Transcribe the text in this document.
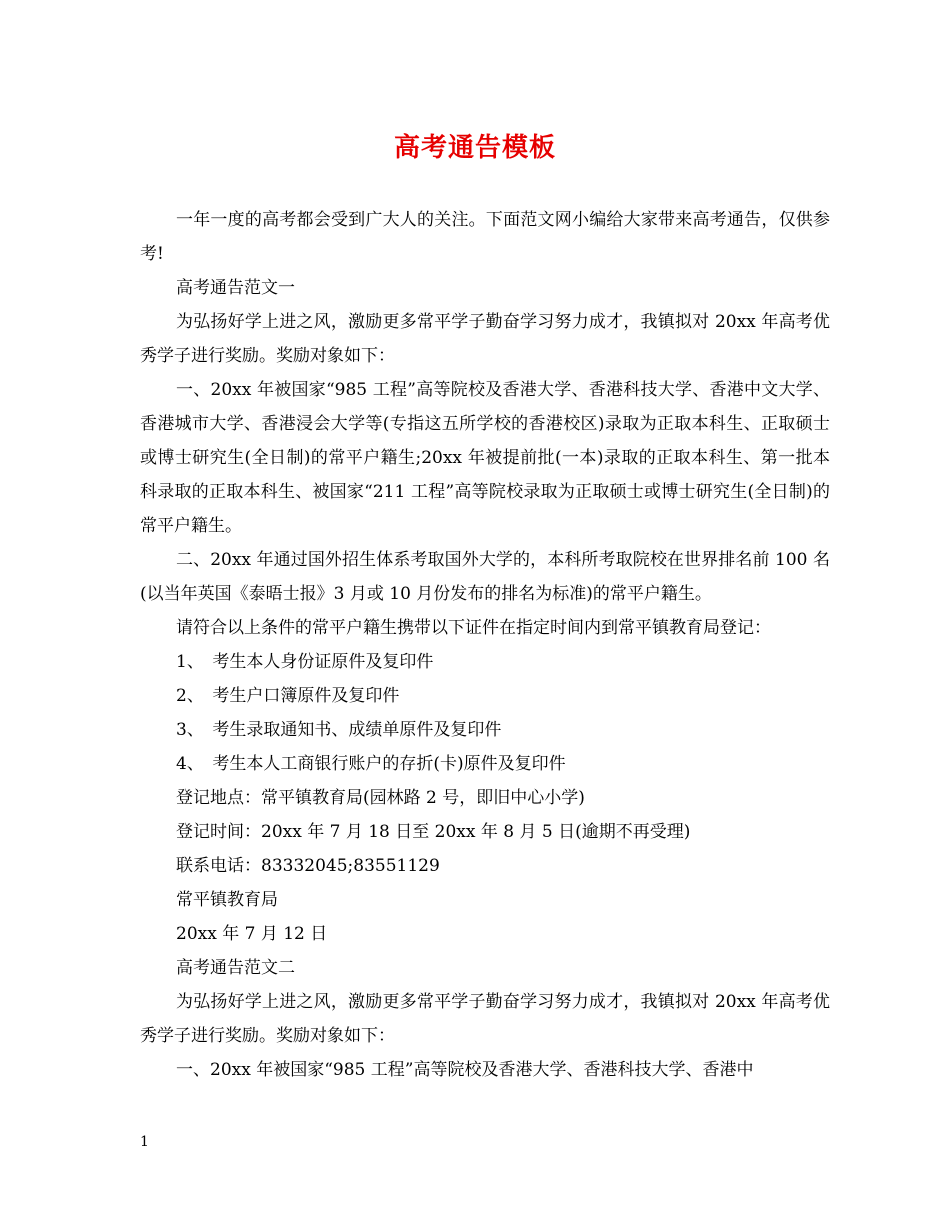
高考通告模板

一年一度的高考都会受到广大人的关注。下面范文网小编给大家带来高考通告，仅供参考!

高考通告范文一

为弘扬好学上进之风，激励更多常平学子勤奋学习努力成才，我镇拟对 20xx 年高考优秀学子进行奖励。奖励对象如下：

一、20xx 年被国家“985 工程”高等院校及香港大学、香港科技大学、香港中文大学、香港城市大学、香港浸会大学等(专指这五所学校的香港校区)录取为正取本科生、正取硕士或博士研究生(全日制)的常平户籍生;20xx 年被提前批(一本)录取的正取本科生、第一批本科录取的正取本科生、被国家“211 工程”高等院校录取为正取硕士或博士研究生(全日制)的常平户籍生。

二、20xx 年通过国外招生体系考取国外大学的，本科所考取院校在世界排名前 100 名(以当年英国《泰晤士报》3 月或 10 月份发布的排名为标准)的常平户籍生。

请符合以上条件的常平户籍生携带以下证件在指定时间内到常平镇教育局登记：

1、　考生本人身份证原件及复印件

2、　考生户口簿原件及复印件

3、　考生录取通知书、成绩单原件及复印件

4、　考生本人工商银行账户的存折(卡)原件及复印件

登记地点：常平镇教育局(园林路 2 号，即旧中心小学)

登记时间：20xx 年 7 月 18 日至 20xx 年 8 月 5 日(逾期不再受理)

联系电话：83332045;83551129

常平镇教育局

20xx 年 7 月 12 日

高考通告范文二

为弘扬好学上进之风，激励更多常平学子勤奋学习努力成才，我镇拟对 20xx 年高考优秀学子进行奖励。奖励对象如下：

一、20xx 年被国家“985 工程”高等院校及香港大学、香港科技大学、香港中

1
